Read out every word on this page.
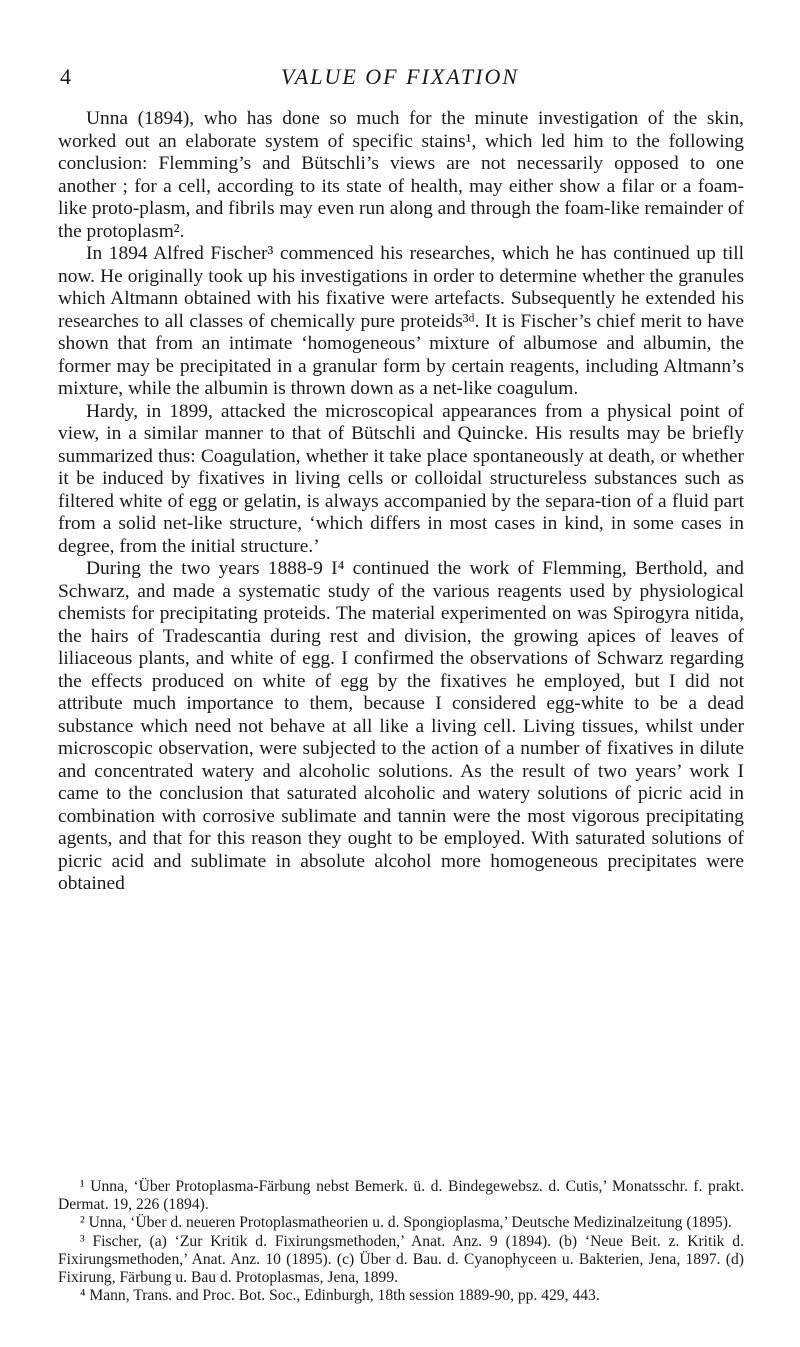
4	VALUE OF FIXATION

Unna (1894), who has done so much for the minute investigation of the skin, worked out an elaborate system of specific stains¹, which led him to the following conclusion: Flemming’s and Bütschli’s views are not necessarily opposed to one another ; for a cell, according to its state of health, may either show a filar or a foam-like proto-plasm, and fibrils may even run along and through the foam-like remainder of the protoplasm².

In 1894 Alfred Fischer³ commenced his researches, which he has continued up till now. He originally took up his investigations in order to determine whether the granules which Altmann obtained with his fixative were artefacts. Subsequently he extended his researches to all classes of chemically pure proteids³ᵈ. It is Fischer’s chief merit to have shown that from an intimate ‘homogeneous’ mixture of albumose and albumin, the former may be precipitated in a granular form by certain reagents, including Altmann’s mixture, while the albumin is thrown down as a net-like coagulum.

Hardy, in 1899, attacked the microscopical appearances from a physical point of view, in a similar manner to that of Bütschli and Quincke. His results may be briefly summarized thus: Coagulation, whether it take place spontaneously at death, or whether it be induced by fixatives in living cells or colloidal structureless substances such as filtered white of egg or gelatin, is always accompanied by the separa-tion of a fluid part from a solid net-like structure, ‘which differs in most cases in kind, in some cases in degree, from the initial structure.’

During the two years 1888-9 I⁴ continued the work of Flemming, Berthold, and Schwarz, and made a systematic study of the various reagents used by physiological chemists for precipitating proteids. The material experimented on was Spirogyra nitida, the hairs of Tradescantia during rest and division, the growing apices of leaves of liliaceous plants, and white of egg. I confirmed the observations of Schwarz regarding the effects produced on white of egg by the fixatives he employed, but I did not attribute much importance to them, because I considered egg-white to be a dead substance which need not behave at all like a living cell. Living tissues, whilst under microscopic observation, were subjected to the action of a number of fixatives in dilute and concentrated watery and alcoholic solutions. As the result of two years’ work I came to the conclusion that saturated alcoholic and watery solutions of picric acid in combination with corrosive sublimate and tannin were the most vigorous precipitating agents, and that for this reason they ought to be employed. With saturated solutions of picric acid and sublimate in absolute alcohol more homogeneous precipitates were obtained

¹ Unna, ‘Über Protoplasma-Färbung nebst Bemerk. ü. d. Bindegewebsz. d. Cutis,’ Monatsschr. f. prakt. Dermat. 19, 226 (1894).

² Unna, ‘Über d. neueren Protoplasmatheorien u. d. Spongioplasma,’ Deutsche Medizinalzeitung (1895).

³ Fischer, (a) ‘Zur Kritik d. Fixirungsmethoden,’ Anat. Anz. 9 (1894). (b) ‘Neue Beit. z. Kritik d. Fixirungsmethoden,’ Anat. Anz. 10 (1895). (c) Über d. Bau. d. Cyanophyceen u. Bakterien, Jena, 1897. (d) Fixirung, Färbung u. Bau d. Protoplasmas, Jena, 1899.

⁴ Mann, Trans. and Proc. Bot. Soc., Edinburgh, 18th session 1889-90, pp. 429, 443.
